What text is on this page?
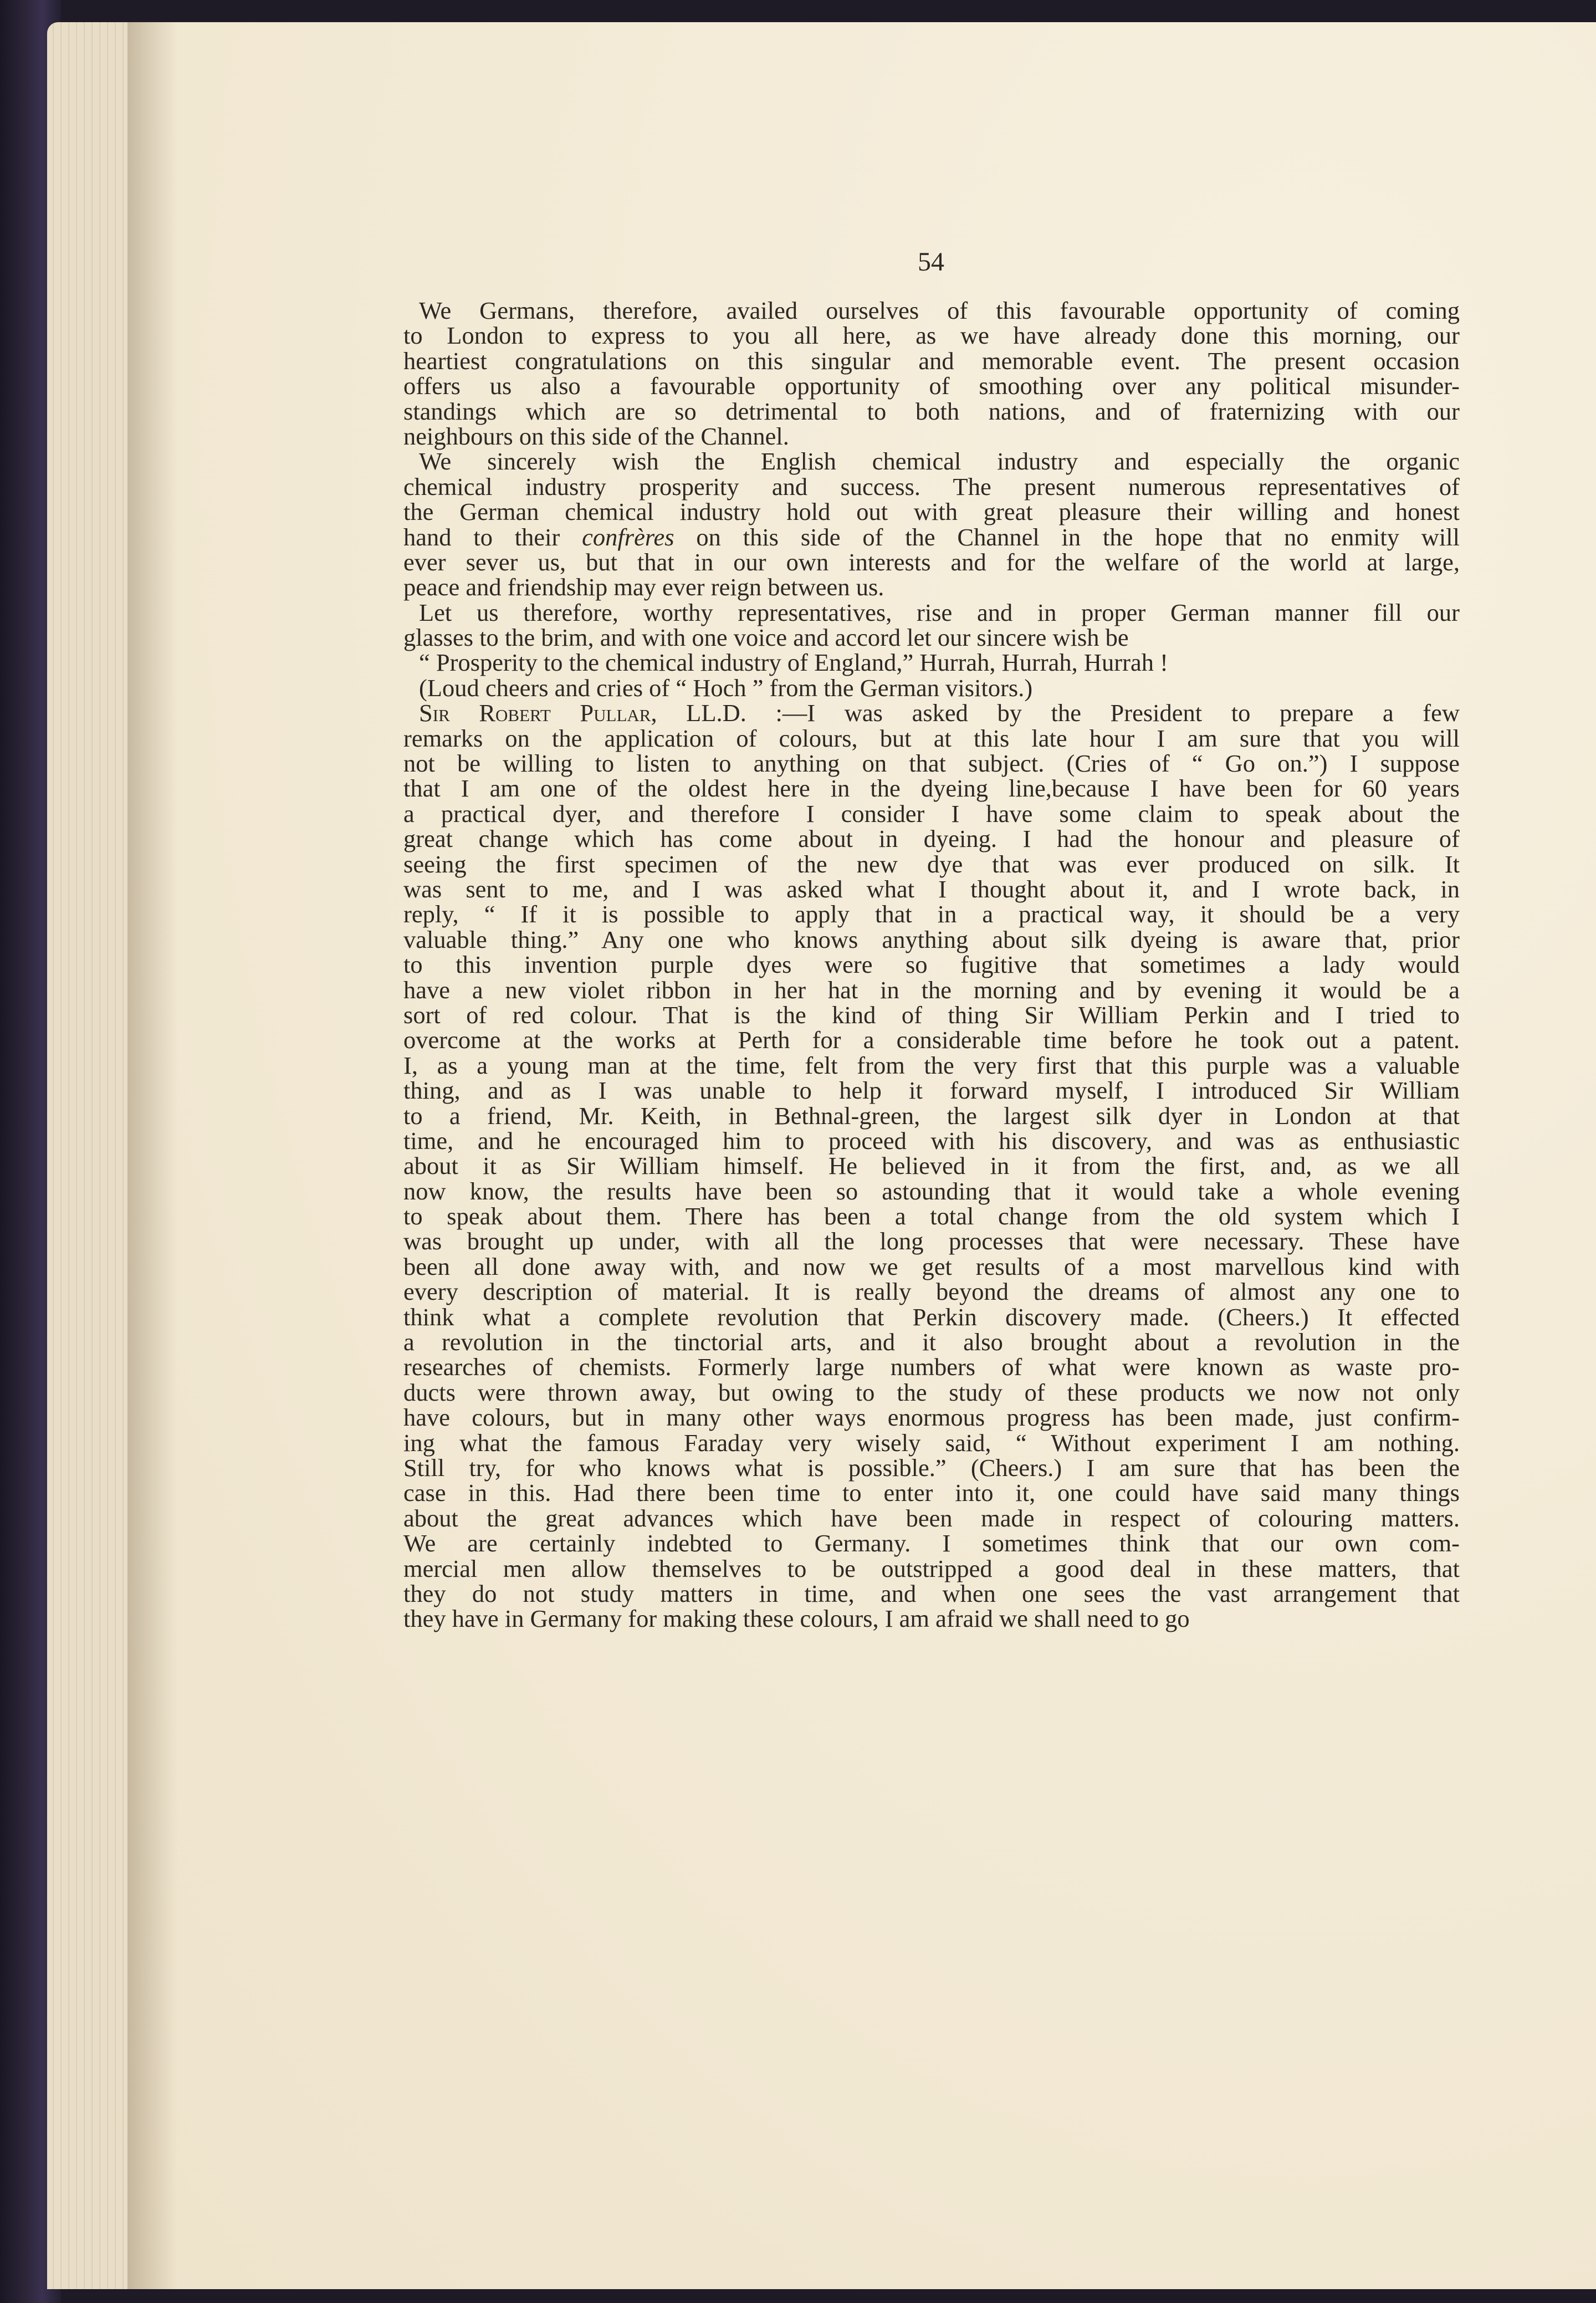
54
We Germans, therefore, availed ourselves of this favourable opportunity of coming
to London to express to you all here, as we have already done this morning, our
heartiest congratulations on this singular and memorable event. The present occasion
offers us also a favourable opportunity of smoothing over any political misunder-
standings which are so detrimental to both nations, and of fraternizing with our
neighbours on this side of the Channel.
We sincerely wish the English chemical industry and especially the organic
chemical industry prosperity and success. The present numerous representatives of
the German chemical industry hold out with great pleasure their willing and honest
hand to their confrères on this side of the Channel in the hope that no enmity will
ever sever us, but that in our own interests and for the welfare of the world at large,
peace and friendship may ever reign between us.
Let us therefore, worthy representatives, rise and in proper German manner fill our
glasses to the brim, and with one voice and accord let our sincere wish be
“ Prosperity to the chemical industry of England,” Hurrah, Hurrah, Hurrah !
(Loud cheers and cries of “ Hoch ” from the German visitors.)
Sir Robert Pullar, LL.D. :—I was asked by the President to prepare a few
remarks on the application of colours, but at this late hour I am sure that you will
not be willing to listen to anything on that subject. (Cries of “ Go on.”) I suppose
that I am one of the oldest here in the dyeing line,because I have been for 60 years
a practical dyer, and therefore I consider I have some claim to speak about the
great change which has come about in dyeing. I had the honour and pleasure of
seeing the first specimen of the new dye that was ever produced on silk. It
was sent to me, and I was asked what I thought about it, and I wrote back, in
reply, “ If it is possible to apply that in a practical way, it should be a very
valuable thing.” Any one who knows anything about silk dyeing is aware that, prior
to this invention purple dyes were so fugitive that sometimes a lady would
have a new violet ribbon in her hat in the morning and by evening it would be a
sort of red colour. That is the kind of thing Sir William Perkin and I tried to
overcome at the works at Perth for a considerable time before he took out a patent.
I, as a young man at the time, felt from the very first that this purple was a valuable
thing, and as I was unable to help it forward myself, I introduced Sir William
to a friend, Mr. Keith, in Bethnal-green, the largest silk dyer in London at that
time, and he encouraged him to proceed with his discovery, and was as enthusiastic
about it as Sir William himself. He believed in it from the first, and, as we all
now know, the results have been so astounding that it would take a whole evening
to speak about them. There has been a total change from the old system which I
was brought up under, with all the long processes that were necessary. These have
been all done away with, and now we get results of a most marvellous kind with
every description of material. It is really beyond the dreams of almost any one to
think what a complete revolution that Perkin discovery made. (Cheers.) It effected
a revolution in the tinctorial arts, and it also brought about a revolution in the
researches of chemists. Formerly large numbers of what were known as waste pro-
ducts were thrown away, but owing to the study of these products we now not only
have colours, but in many other ways enormous progress has been made, just confirm-
ing what the famous Faraday very wisely said, “ Without experiment I am nothing.
Still try, for who knows what is possible.” (Cheers.) I am sure that has been the
case in this. Had there been time to enter into it, one could have said many things
about the great advances which have been made in respect of colouring matters.
We are certainly indebted to Germany. I sometimes think that our own com-
mercial men allow themselves to be outstripped a good deal in these matters, that
they do not study matters in time, and when one sees the vast arrangement that
they have in Germany for making these colours, I am afraid we shall need to go
